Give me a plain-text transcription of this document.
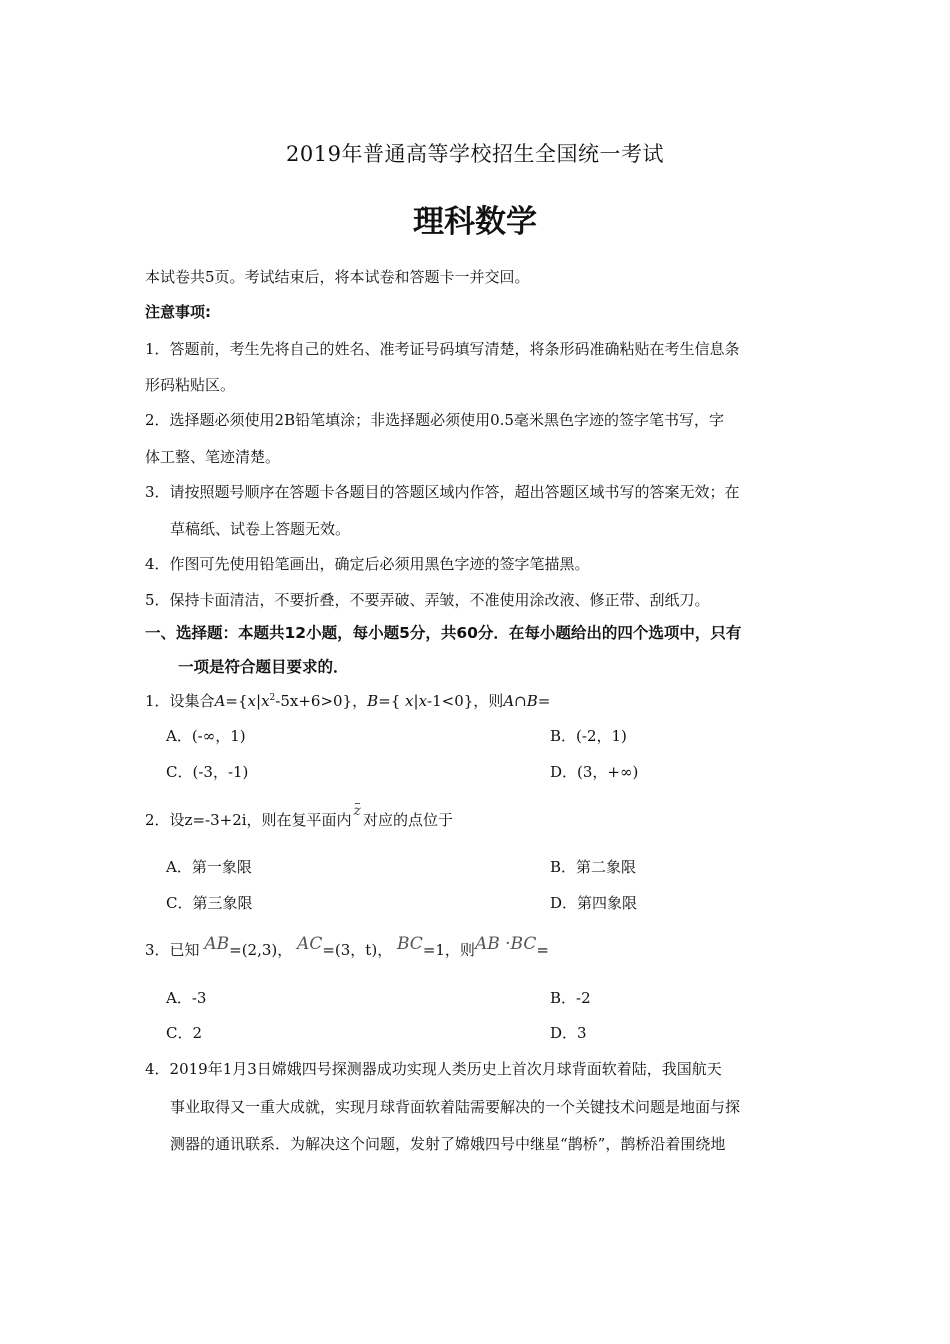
2019年普通高等学校招生全国统一考试
理科数学
本试卷共5页。考试结束后，将本试卷和答题卡一并交回。
注意事项:
1．答题前，考生先将自己的姓名、准考证号码填写清楚，将条形码准确粘贴在考生信息条
形码粘贴区。
2．选择题必须使用2B铅笔填涂；非选择题必须使用0.5毫米黑色字迹的签字笔书写，字
体工整、笔迹清楚。
3．请按照题号顺序在答题卡各题目的答题区域内作答，超出答题区域书写的答案无效；在
草稿纸、试卷上答题无效。
4．作图可先使用铅笔画出，确定后必须用黑色字迹的签字笔描黑。
5．保持卡面清洁，不要折叠，不要弄破、弄皱，不准使用涂改液、修正带、刮纸刀。
一、选择题：本题共12小题，每小题5分，共60分．在每小题给出的四个选项中，只有
一项是符合题目要求的．
1．设集合$A=\{x|x^2-5x+6>0\}$，B={ x|x-1<0}，则A∩B=
A．(-∞，1)	B．(-2，1)
C．(-3，-1)	D．(3，+∞)
2．设z=-3+2i，则在复平面内 z 对应的点位于
A．第一象限	B．第二象限
C．第三象限	D．第四象限
3．已知 AB=(2,3)， AC=(3，t)， BC=1，则AB ·BC=
A．-3	B．-2
C．2	D．3
4．2019年1月3日嫦娥四号探测器成功实现人类历史上首次月球背面软着陆，我国航天
事业取得又一重大成就，实现月球背面软着陆需要解决的一个关键技术问题是地面与探
测器的通讯联系．为解决这个问题，发射了嫦娥四号中继星“鹊桥”，鹊桥沿着围绕地
